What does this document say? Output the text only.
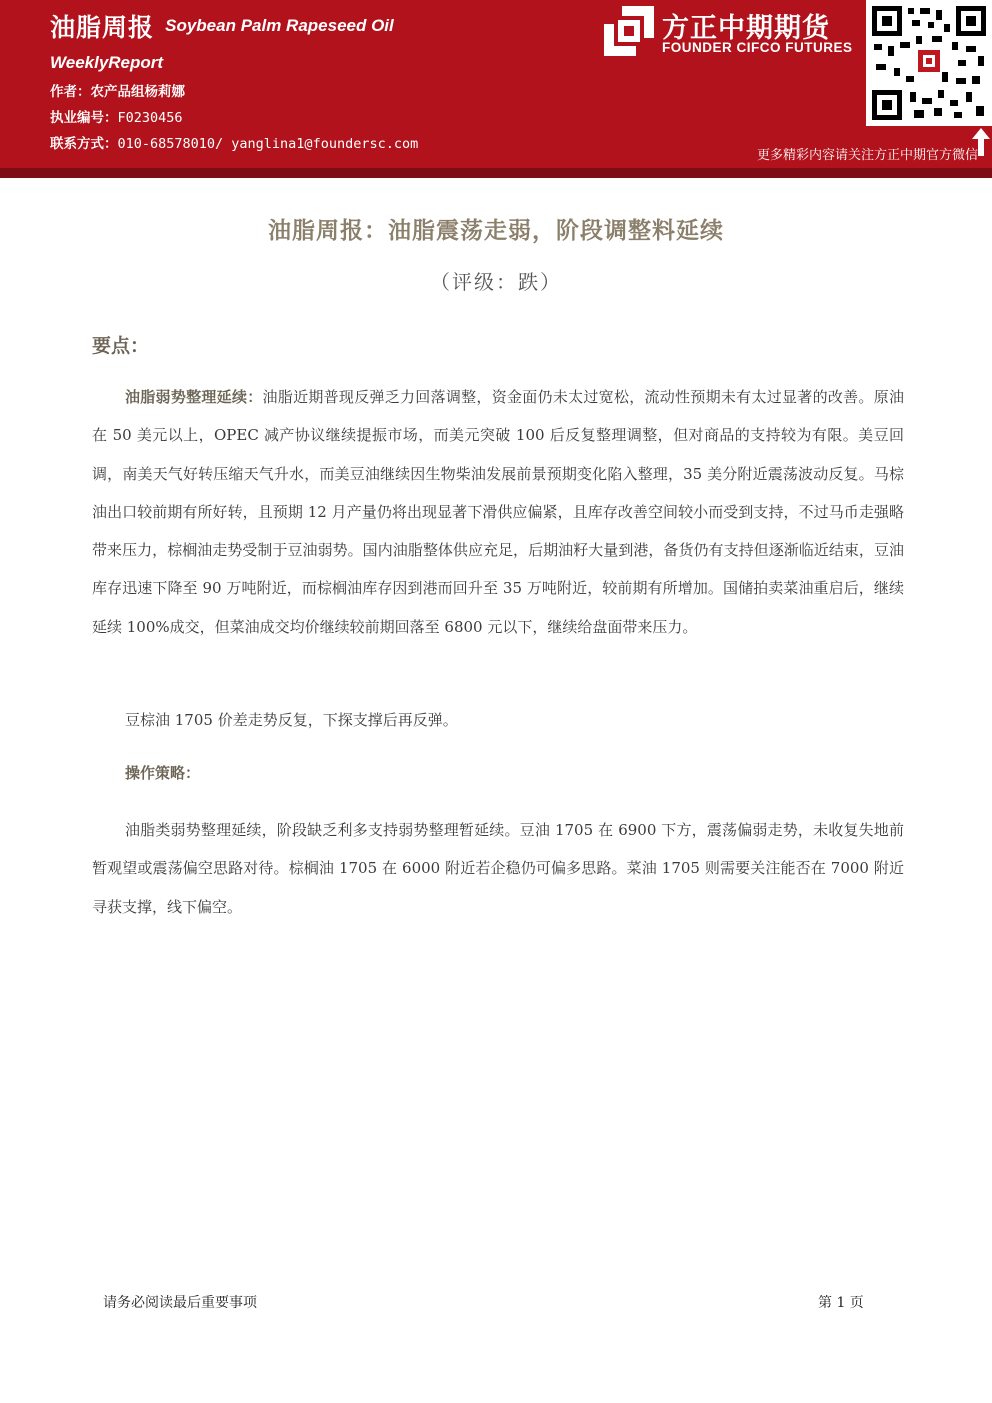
油脂周报 Soybean Palm Rapeseed Oil
WeeklyReport
作者：农产品组杨莉娜
执业编号：F0230456
联系方式：010-68578010/ yanglina1@foundersc.com
方正中期期货
FOUNDER CIFCO FUTURES
更多精彩内容请关注方正中期官方微信
油脂周报：油脂震荡走弱，阶段调整料延续
（评级：跌）
要点：
油脂弱势整理延续：油脂近期普现反弹乏力回落调整，资金面仍未太过宽松，流动性预期未有太过显著的改善。原油在 50 美元以上，OPEC 减产协议继续提振市场，而美元突破 100 后反复整理调整，但对商品的支持较为有限。美豆回调，南美天气好转压缩天气升水，而美豆油继续因生物柴油发展前景预期变化陷入整理，35 美分附近震荡波动反复。马棕油出口较前期有所好转，且预期 12 月产量仍将出现显著下滑供应偏紧，且库存改善空间较小而受到支持，不过马币走强略带来压力，棕榈油走势受制于豆油弱势。国内油脂整体供应充足，后期油籽大量到港，备货仍有支持但逐渐临近结束，豆油库存迅速下降至 90 万吨附近，而棕榈油库存因到港而回升至 35 万吨附近，较前期有所增加。国储拍卖菜油重启后，继续延续 100%成交，但菜油成交均价继续较前期回落至 6800 元以下，继续给盘面带来压力。
豆棕油 1705 价差走势反复，下探支撑后再反弹。
操作策略：
油脂类弱势整理延续，阶段缺乏利多支持弱势整理暂延续。豆油 1705 在 6900 下方，震荡偏弱走势，未收复失地前暂观望或震荡偏空思路对待。棕榈油 1705 在 6000 附近若企稳仍可偏多思路。菜油 1705 则需要关注能否在 7000 附近寻获支撑，线下偏空。
请务必阅读最后重要事项	第 1 页
